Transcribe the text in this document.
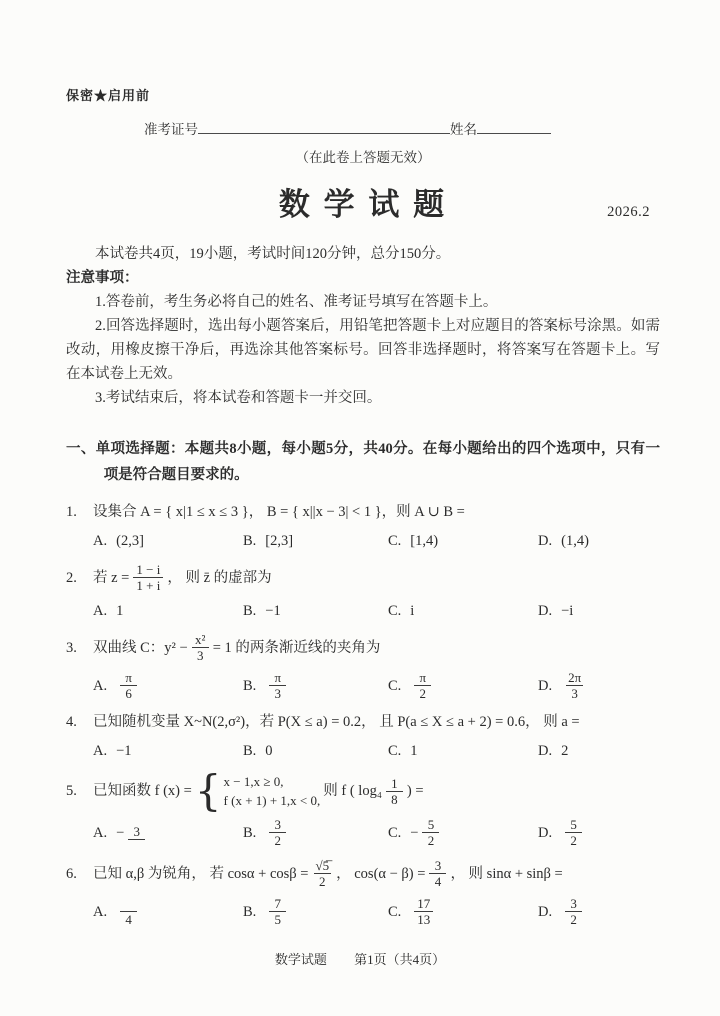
保密★启用前
准考证号	姓名
（在此卷上答题无效）
数 学 试 题	2026.2
本试卷共4页，19小题，考试时间120分钟，总分150分。
注意事项：
1.答卷前，考生务必将自己的姓名、准考证号填写在答题卡上。
2.回答选择题时，选出每小题答案后，用铅笔把答题卡上对应题目的答案标号涂黑。如需改动，用橡皮擦干净后，再选涂其他答案标号。回答非选择题时，将答案写在答题卡上。写在本试卷上无效。
3.考试结束后，将本试卷和答题卡一并交回。
一、单项选择题：本题共8小题，每小题5分，共40分。在每小题给出的四个选项中，只有一项是符合题目要求的。
1.	设集合 A = { x|1 ≤ x ≤ 3 }， B = { x||x − 3| < 1 }，则 A ∪ B =
A. (2,3]	B. [2,3]	C. [1,4)	D. (1,4)
2.	若 $z = \frac{1 - i}{1 + i}$ ， 则 z̄ 的虚部为
A. 1	B. −1	C. i	D. −i
3.	双曲线 C：$y^2 - \frac{\text{x²}}{3} = 1$ 的两条渐近线的夹角为
A. $\frac{\pi}{6}$	B. $\frac{\pi}{3}$	C. $\frac{\pi}{2}$	D. $\frac{2\pi}{3}$
4.	已知随机变量 X~N(2,σ²)，若 P(X ≤ a) = 0.2， 且 P(a ≤ X ≤ a + 2) = 0.6， 则 a =
A. −1	B. 0	C. 1	D. 2
5.	已知函数 f (x) = { x − 1,x ≥ 0,
f (x + 1) + 1,x < 0,
则 f ( $\log_4 \frac{1}{8}$ ) =
A. − 3	B. $\frac{3}{2}$	C. − $\frac{5}{2}$	D. $\frac{5}{2}$
6.	已知 α,β 为锐角， 若 $\cos\alpha + \cos\beta = \frac{√5̅}{2}$ ， $\cos(\alpha - \beta) = \frac{3}{4}$ ， 则 sinα + sinβ =
A.	4	B. $\frac{7}{5}$	C. $\frac{17}{13}$	D. $\frac{3}{2}$
数学试题 第1页（共4页）
